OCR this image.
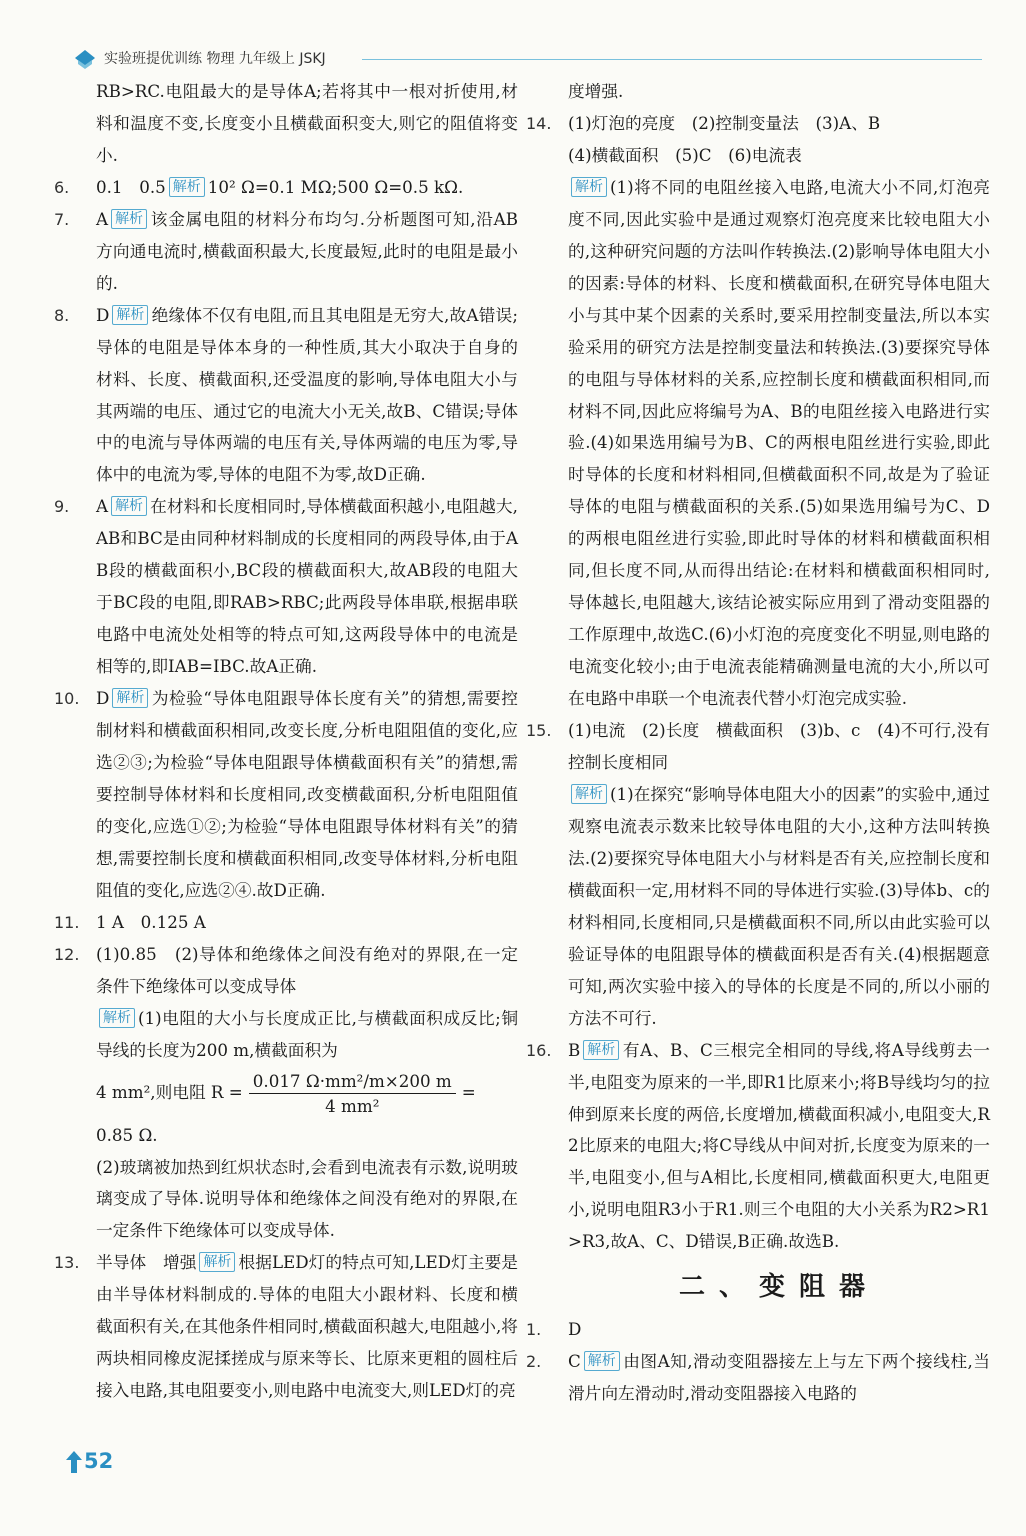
实验班提优训练 物理 九年级上 JSKJ

RB>RC.电阻最大的是导体A;若将其中一根对折使用,材料和温度不变,长度变小且横截面积变大,则它的阻值将变小.

6.	0.1　0.5 解析 10² Ω=0.1 MΩ;500 Ω=0.5 kΩ.

7.	A 解析 该金属电阻的材料分布均匀.分析题图可知,沿AB方向通电流时,横截面积最大,长度最短,此时的电阻是最小的.

8.	D 解析 绝缘体不仅有电阻,而且其电阻是无穷大,故A错误;导体的电阻是导体本身的一种性质,其大小取决于自身的材料、长度、横截面积,还受温度的影响,导体电阻大小与其两端的电压、通过它的电流大小无关,故B、C错误;导体中的电流与导体两端的电压有关,导体两端的电压为零,导体中的电流为零,导体的电阻不为零,故D正确.

9.	A 解析 在材料和长度相同时,导体横截面积越小,电阻越大,AB和BC是由同种材料制成的长度相同的两段导体,由于AB段的横截面积小,BC段的横截面积大,故AB段的电阻大于BC段的电阻,即RAB>RBC;此两段导体串联,根据串联电路中电流处处相等的特点可知,这两段导体中的电流是相等的,即IAB=IBC.故A正确.

10. D 解析 为检验“导体电阻跟导体长度有关”的猜想,需要控制材料和横截面积相同,改变长度,分析电阻阻值的变化,应选②③;为检验“导体电阻跟导体横截面积有关”的猜想,需要控制导体材料和长度相同,改变横截面积,分析电阻阻值的变化,应选①②;为检验“导体电阻跟导体材料有关”的猜想,需要控制长度和横截面积相同,改变导体材料,分析电阻阻值的变化,应选②④.故D正确.

11. 1 A　0.125 A

12. (1)0.85　(2)导体和绝缘体之间没有绝对的界限,在一定条件下绝缘体可以变成导体

解析 (1)电阻的大小与长度成正比,与横截面积成反比;铜导线的长度为200 m,横截面积为

4 mm²,则电阻 $R = \frac{\text{0.017 Ω·mm²/m×200 m}}{\text{4 mm²}}$ =

0.85 Ω.

(2)玻璃被加热到红炽状态时,会看到电流表有示数,说明玻璃变成了导体.说明导体和绝缘体之间没有绝对的界限,在一定条件下绝缘体可以变成导体.

13. 半导体　增强 解析 根据LED灯的特点可知,LED灯主要是由半导体材料制成的.导体的电阻大小跟材料、长度和横截面积有关,在其他条件相同时,横截面积越大,电阻越小,将两块相同橡皮泥揉搓成与原来等长、比原来更粗的圆柱后接入电路,其电阻要变小,则电路中电流变大,则LED灯的亮

度增强.

14. (1)灯泡的亮度　(2)控制变量法　(3)A、B

(4)横截面积　(5)C　(6)电流表

解析 (1)将不同的电阻丝接入电路,电流大小不同,灯泡亮度不同,因此实验中是通过观察灯泡亮度来比较电阻大小的,这种研究问题的方法叫作转换法.(2)影响导体电阻大小的因素:导体的材料、长度和横截面积,在研究导体电阻大小与其中某个因素的关系时,要采用控制变量法,所以本实验采用的研究方法是控制变量法和转换法.(3)要探究导体的电阻与导体材料的关系,应控制长度和横截面积相同,而材料不同,因此应将编号为A、B的电阻丝接入电路进行实验.(4)如果选用编号为B、C的两根电阻丝进行实验,即此时导体的长度和材料相同,但横截面积不同,故是为了验证导体的电阻与横截面积的关系.(5)如果选用编号为C、D的两根电阻丝进行实验,即此时导体的材料和横截面积相同,但长度不同,从而得出结论:在材料和横截面积相同时,导体越长,电阻越大,该结论被实际应用到了滑动变阻器的工作原理中,故选C.(6)小灯泡的亮度变化不明显,则电路的电流变化较小;由于电流表能精确测量电流的大小,所以可在电路中串联一个电流表代替小灯泡完成实验.

15. (1)电流　(2)长度　横截面积　(3)b、c　(4)不可行,没有控制长度相同

解析 (1)在探究“影响导体电阻大小的因素”的实验中,通过观察电流表示数来比较导体电阻的大小,这种方法叫转换法.(2)要探究导体电阻大小与材料是否有关,应控制长度和横截面积一定,用材料不同的导体进行实验.(3)导体b、c的材料相同,长度相同,只是横截面积不同,所以由此实验可以验证导体的电阻跟导体的横截面积是否有关.(4)根据题意可知,两次实验中接入的导体的长度是不同的,所以小丽的方法不可行.

16. B 解析 有A、B、C三根完全相同的导线,将A导线剪去一半,电阻变为原来的一半,即R1比原来小;将B导线均匀的拉伸到原来长度的两倍,长度增加,横截面积减小,电阻变大,R2比原来的电阻大;将C导线从中间对折,长度变为原来的一半,电阻变小,但与A相比,长度相同,横截面积更大,电阻更小,说明电阻R3小于R1.则三个电阻的大小关系为R2>R1>R3,故A、C、D错误,B正确.故选B.

二、变阻器
1.	D

2.	C 解析 由图A知,滑动变阻器接左上与左下两个接线柱,当滑片向左滑动时,滑动变阻器接入电路的

52
